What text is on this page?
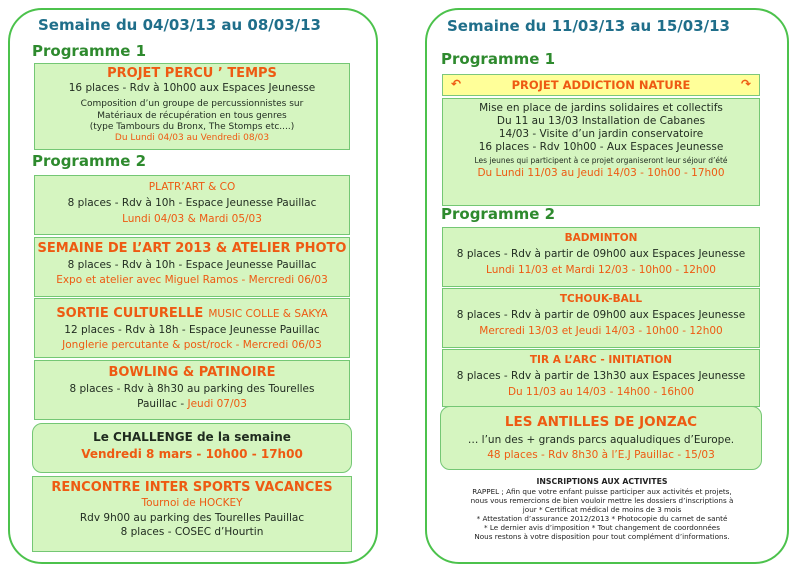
Semaine du 04/03/13 au 08/03/13
Programme 1
PROJET PERCU ’ TEMPS
16 places - Rdv à 10h00 aux Espaces Jeunesse
Composition d’un groupe de percussionnistes sur
Matériaux de récupération en tous genres
(type Tambours du Bronx, The Stomps etc....)
Du Lundi 04/03 au Vendredi 08/03
Programme 2
PLATR’ART & CO
8 places - Rdv à 10h - Espace Jeunesse Pauillac
Lundi 04/03 & Mardi 05/03
SEMAINE DE L’ART 2013 & ATELIER PHOTO
8 places - Rdv à 10h - Espace Jeunesse Pauillac
Expo et atelier avec Miguel Ramos - Mercredi 06/03
SORTIE CULTURELLE MUSIC COLLE & SAKYA
12 places - Rdv à 18h - Espace Jeunesse Pauillac
Jonglerie percutante & post/rock - Mercredi 06/03
BOWLING & PATINOIRE
8 places - Rdv à 8h30 au parking des Tourelles
Pauillac - Jeudi 07/03
Le CHALLENGE de la semaine
Vendredi 8 mars - 10h00 - 17h00
RENCONTRE INTER SPORTS VACANCES
Tournoi de HOCKEY
Rdv 9h00 au parking des Tourelles Pauillac
8 places - COSEC d’Hourtin
Semaine du 11/03/13 au 15/03/13
Programme 1
↶	PROJET ADDICTION NATURE	↷
Mise en place de jardins solidaires et collectifs
Du 11 au 13/03 Installation de Cabanes
14/03 - Visite d’un jardin conservatoire
16 places - Rdv 10h00 - Aux Espaces Jeunesse
Les jeunes qui participent à ce projet organiseront leur séjour d’été
Du Lundi 11/03 au Jeudi 14/03 - 10h00 - 17h00
Programme 2
BADMINTON
8 places - Rdv à partir de 09h00 aux Espaces Jeunesse
Lundi 11/03 et Mardi 12/03 - 10h00 - 12h00
TCHOUK-BALL
8 places - Rdv à partir de 09h00 aux Espaces Jeunesse
Mercredi 13/03 et Jeudi 14/03 - 10h00 - 12h00
TIR A L’ARC - INITIATION
8 places - Rdv à partir de 13h30 aux Espaces Jeunesse
Du 11/03 au 14/03 - 14h00 - 16h00
LES ANTILLES DE JONZAC
… l’un des + grands parcs aqualudiques d’Europe.
48 places - Rdv 8h30 à l’E.J Pauillac - 15/03
INSCRIPTIONS AUX ACTIVITES
RAPPEL ; Afin que votre enfant puisse participer aux activités et projets,
nous vous remercions de bien vouloir mettre les dossiers d’inscriptions à
jour * Certificat médical de moins de 3 mois
* Attestation d’assurance 2012/2013 * Photocopie du carnet de santé
* Le dernier avis d’imposition * Tout changement de coordonnées
Nous restons à votre disposition pour tout complément d’informations.
